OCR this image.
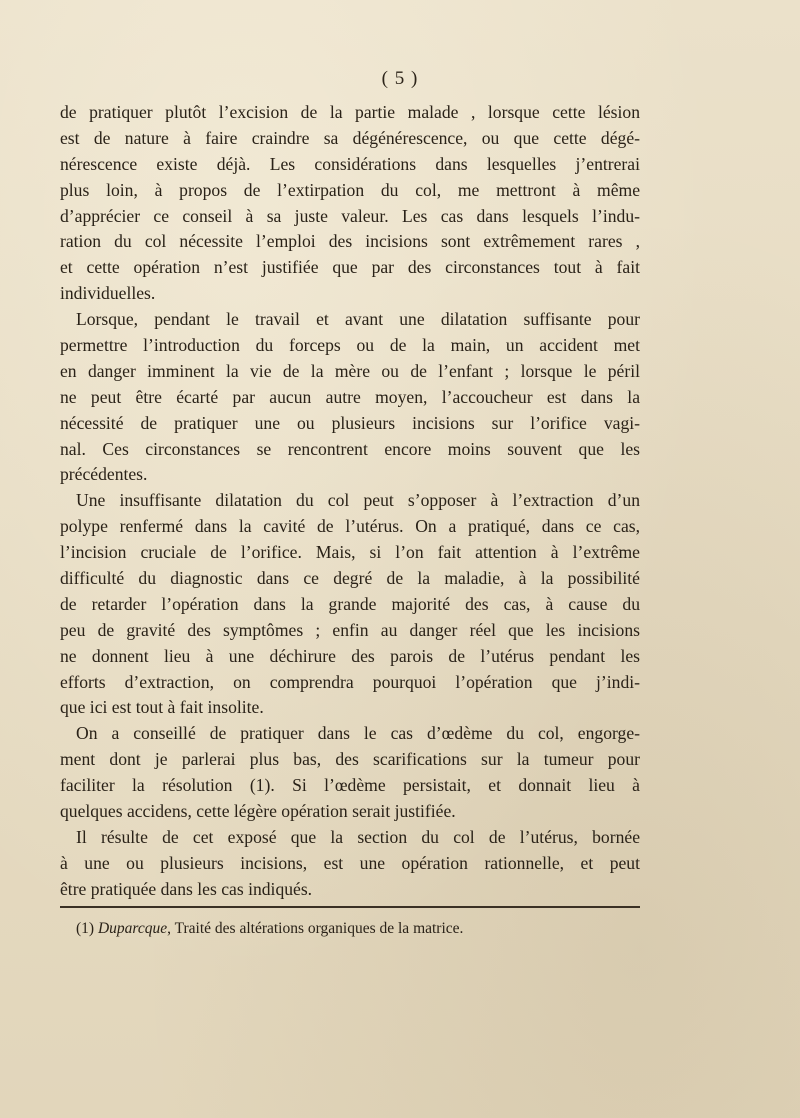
( 5 )
de pratiquer plutôt l’excision de la partie malade , lorsque cette lésion
est de nature à faire craindre sa dégénérescence, ou que cette dégé-
nérescence existe déjà. Les considérations dans lesquelles j’entrerai
plus loin, à propos de l’extirpation du col, me mettront à même
d’apprécier ce conseil à sa juste valeur. Les cas dans lesquels l’indu-
ration du col nécessite l’emploi des incisions sont extrêmement rares ,
et cette opération n’est justifiée que par des circonstances tout à fait
individuelles.
Lorsque, pendant le travail et avant une dilatation suffisante pour
permettre l’introduction du forceps ou de la main, un accident met
en danger imminent la vie de la mère ou de l’enfant ; lorsque le péril
ne peut être écarté par aucun autre moyen, l’accoucheur est dans la
nécessité de pratiquer une ou plusieurs incisions sur l’orifice vagi-
nal. Ces circonstances se rencontrent encore moins souvent que les
précédentes.
Une insuffisante dilatation du col peut s’opposer à l’extraction d’un
polype renfermé dans la cavité de l’utérus. On a pratiqué, dans ce cas,
l’incision cruciale de l’orifice. Mais, si l’on fait attention à l’extrême
difficulté du diagnostic dans ce degré de la maladie, à la possibilité
de retarder l’opération dans la grande majorité des cas, à cause du
peu de gravité des symptômes ; enfin au danger réel que les incisions
ne donnent lieu à une déchirure des parois de l’utérus pendant les
efforts d’extraction, on comprendra pourquoi l’opération que j’indi-
que ici est tout à fait insolite.
On a conseillé de pratiquer dans le cas d’œdème du col, engorge-
ment dont je parlerai plus bas, des scarifications sur la tumeur pour
faciliter la résolution (1). Si l’œdème persistait, et donnait lieu à
quelques accidens, cette légère opération serait justifiée.
Il résulte de cet exposé que la section du col de l’utérus, bornée
à une ou plusieurs incisions, est une opération rationnelle, et peut
être pratiquée dans les cas indiqués.
(1) Duparcque, Traité des altérations organiques de la matrice.
